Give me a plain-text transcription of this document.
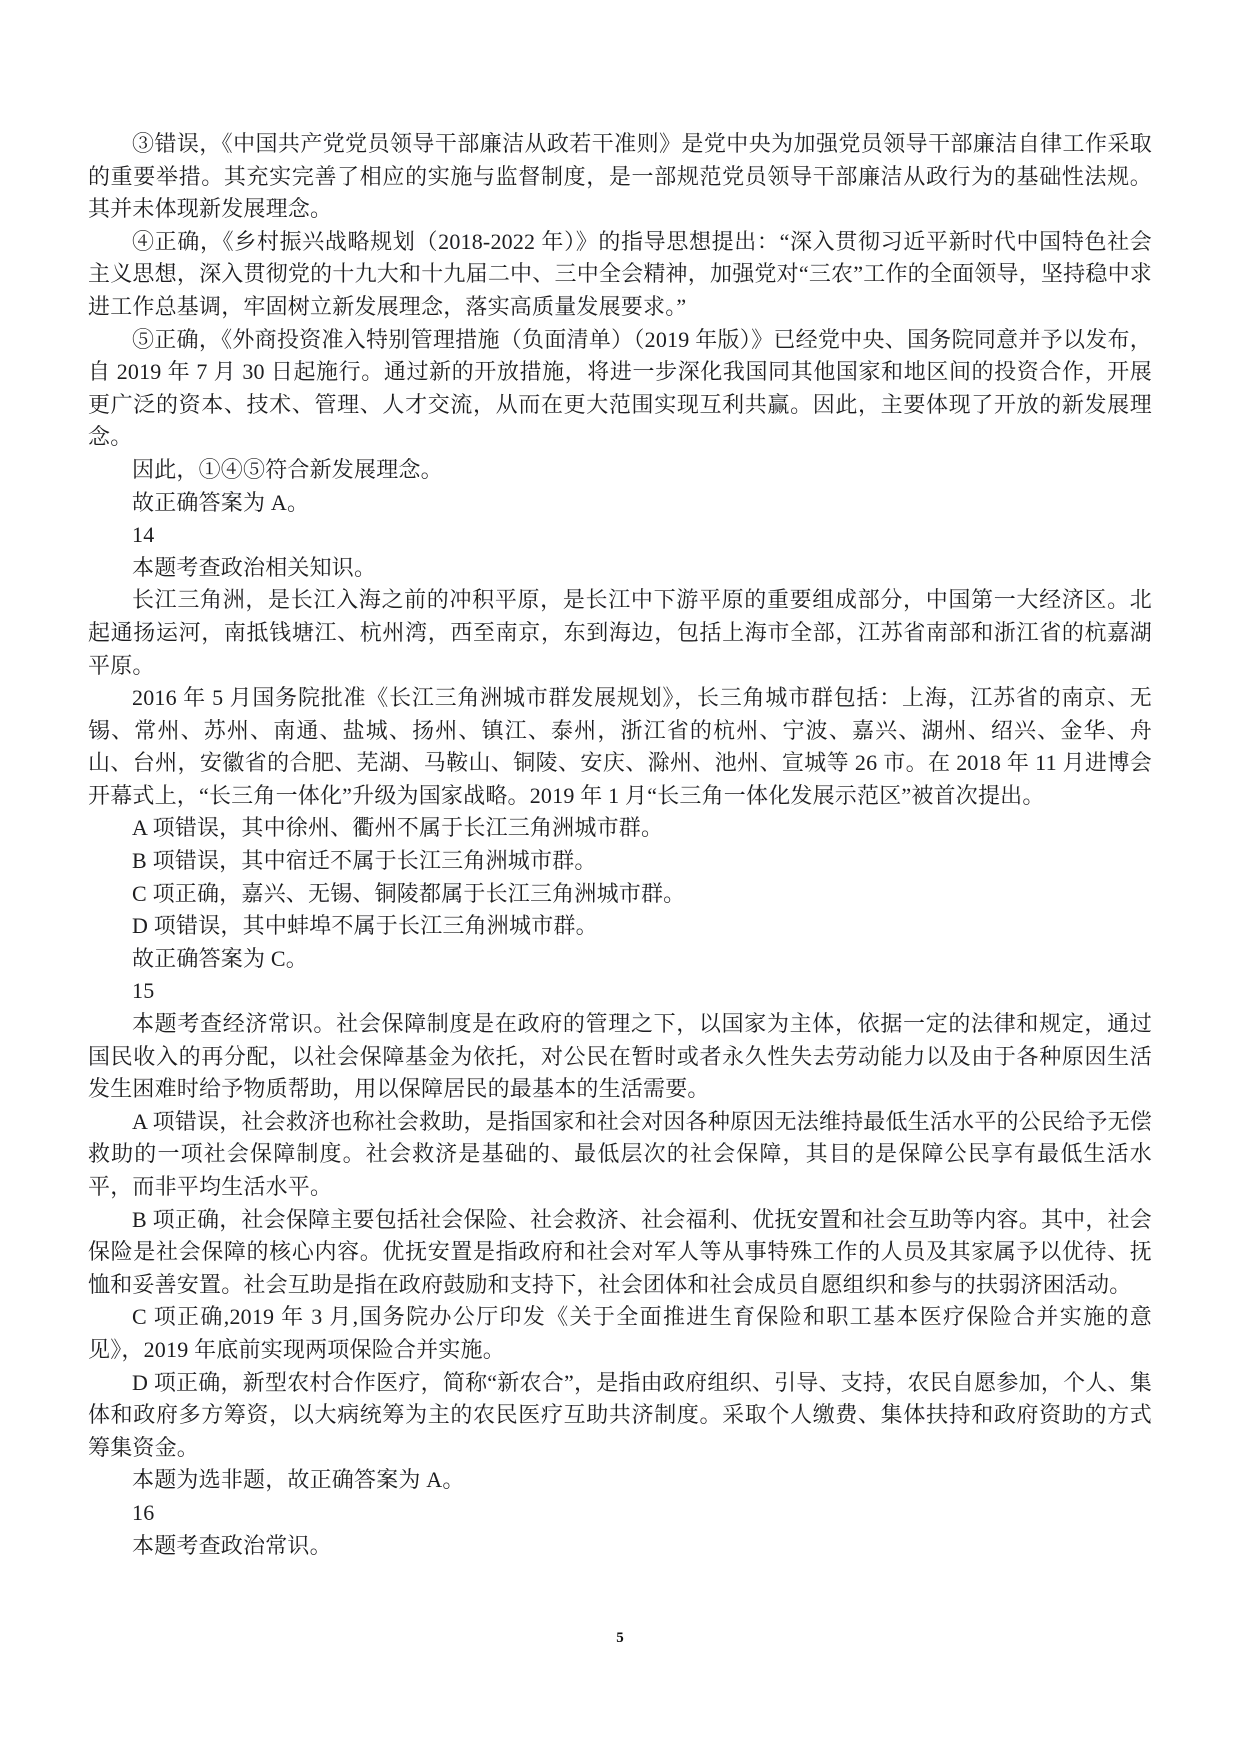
③错误，《中国共产党党员领导干部廉洁从政若干准则》是党中央为加强党员领导干部廉洁自律工作采取的重要举措。其充实完善了相应的实施与监督制度，是一部规范党员领导干部廉洁从政行为的基础性法规。其并未体现新发展理念。

④正确，《乡村振兴战略规划（2018-2022 年）》的指导思想提出：“深入贯彻习近平新时代中国特色社会主义思想，深入贯彻党的十九大和十九届二中、三中全会精神，加强党对“三农”工作的全面领导，坚持稳中求进工作总基调，牢固树立新发展理念，落实高质量发展要求。”

⑤正确，《外商投资准入特别管理措施（负面清单）（2019 年版）》已经党中央、国务院同意并予以发布，自 2019 年 7 月 30 日起施行。通过新的开放措施，将进一步深化我国同其他国家和地区间的投资合作，开展更广泛的资本、技术、管理、人才交流，从而在更大范围实现互利共赢。因此，主要体现了开放的新发展理念。

因此，①④⑤符合新发展理念。

故正确答案为 A。

14

本题考查政治相关知识。

长江三角洲，是长江入海之前的冲积平原，是长江中下游平原的重要组成部分，中国第一大经济区。北起通扬运河，南抵钱塘江、杭州湾，西至南京，东到海边，包括上海市全部，江苏省南部和浙江省的杭嘉湖平原。

2016 年 5 月国务院批准《长江三角洲城市群发展规划》，长三角城市群包括：上海，江苏省的南京、无锡、常州、苏州、南通、盐城、扬州、镇江、泰州，浙江省的杭州、宁波、嘉兴、湖州、绍兴、金华、舟山、台州，安徽省的合肥、芜湖、马鞍山、铜陵、安庆、滁州、池州、宣城等 26 市。在 2018 年 11 月进博会开幕式上，“长三角一体化”升级为国家战略。2019 年 1 月“长三角一体化发展示范区”被首次提出。

A 项错误，其中徐州、衢州不属于长江三角洲城市群。

B 项错误，其中宿迁不属于长江三角洲城市群。

C 项正确，嘉兴、无锡、铜陵都属于长江三角洲城市群。

D 项错误，其中蚌埠不属于长江三角洲城市群。

故正确答案为 C。

15

本题考查经济常识。社会保障制度是在政府的管理之下，以国家为主体，依据一定的法律和规定，通过国民收入的再分配，以社会保障基金为依托，对公民在暂时或者永久性失去劳动能力以及由于各种原因生活发生困难时给予物质帮助，用以保障居民的最基本的生活需要。

A 项错误，社会救济也称社会救助，是指国家和社会对因各种原因无法维持最低生活水平的公民给予无偿救助的一项社会保障制度。社会救济是基础的、最低层次的社会保障，其目的是保障公民享有最低生活水平，而非平均生活水平。

B 项正确，社会保障主要包括社会保险、社会救济、社会福利、优抚安置和社会互助等内容。其中，社会保险是社会保障的核心内容。优抚安置是指政府和社会对军人等从事特殊工作的人员及其家属予以优待、抚恤和妥善安置。社会互助是指在政府鼓励和支持下，社会团体和社会成员自愿组织和参与的扶弱济困活动。

C 项正确,2019 年 3 月,国务院办公厅印发《关于全面推进生育保险和职工基本医疗保险合并实施的意见》，2019 年底前实现两项保险合并实施。

D 项正确，新型农村合作医疗，简称“新农合”，是指由政府组织、引导、支持，农民自愿参加，个人、集体和政府多方筹资，以大病统筹为主的农民医疗互助共济制度。采取个人缴费、集体扶持和政府资助的方式筹集资金。

本题为选非题，故正确答案为 A。

16

本题考查政治常识。

5
